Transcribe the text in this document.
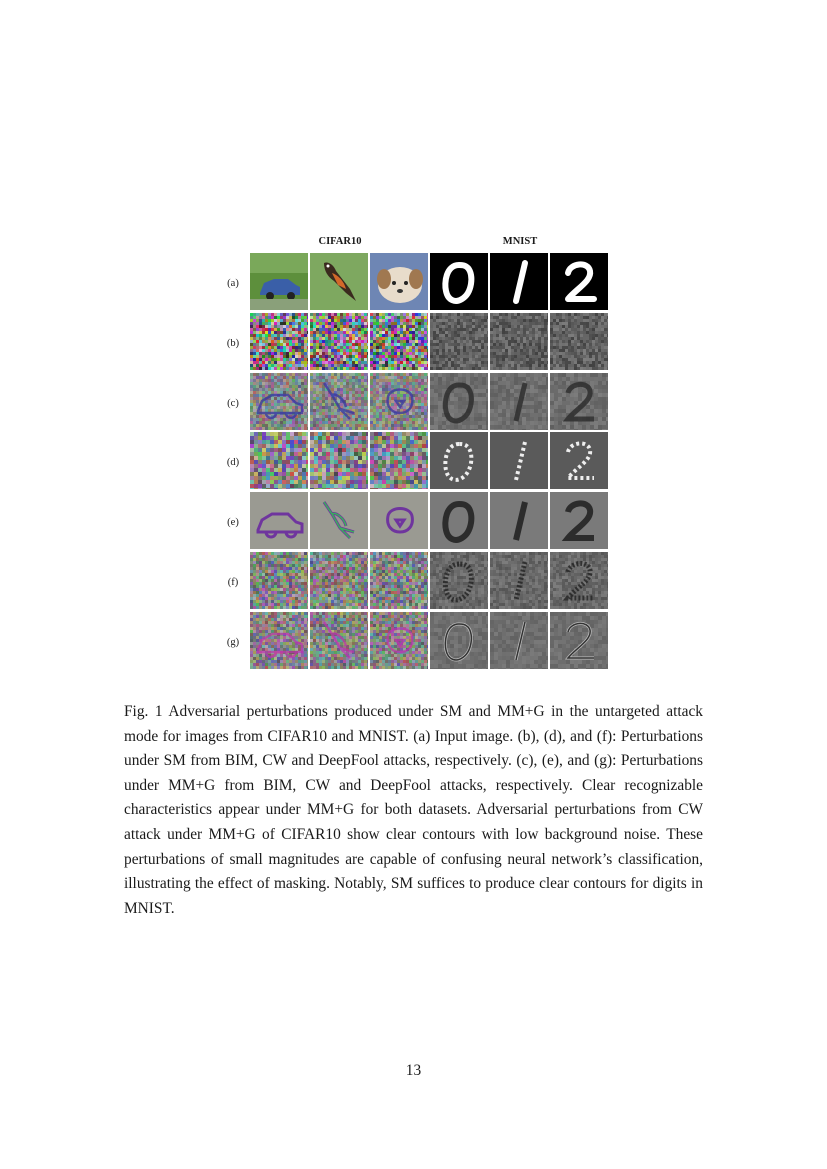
CIFAR10	MNIST
(a)
(b)
(c)
(d)
(e)
(f)
(g)
Fig. 1 Adversarial perturbations produced under SM and MM+G in the untargeted attack mode for images from CIFAR10 and MNIST. (a) Input image. (b), (d), and (f): Perturbations under SM from BIM, CW and DeepFool attacks, respectively. (c), (e), and (g): Perturbations under MM+G from BIM, CW and DeepFool attacks, respectively. Clear recognizable characteristics appear under MM+G for both datasets. Adversarial perturbations from CW attack under MM+G of CIFAR10 show clear contours with low background noise. These perturbations of small magnitudes are capable of confusing neural network’s classification, illustrating the effect of masking. Notably, SM suffices to produce clear contours for digits in MNIST.
13
